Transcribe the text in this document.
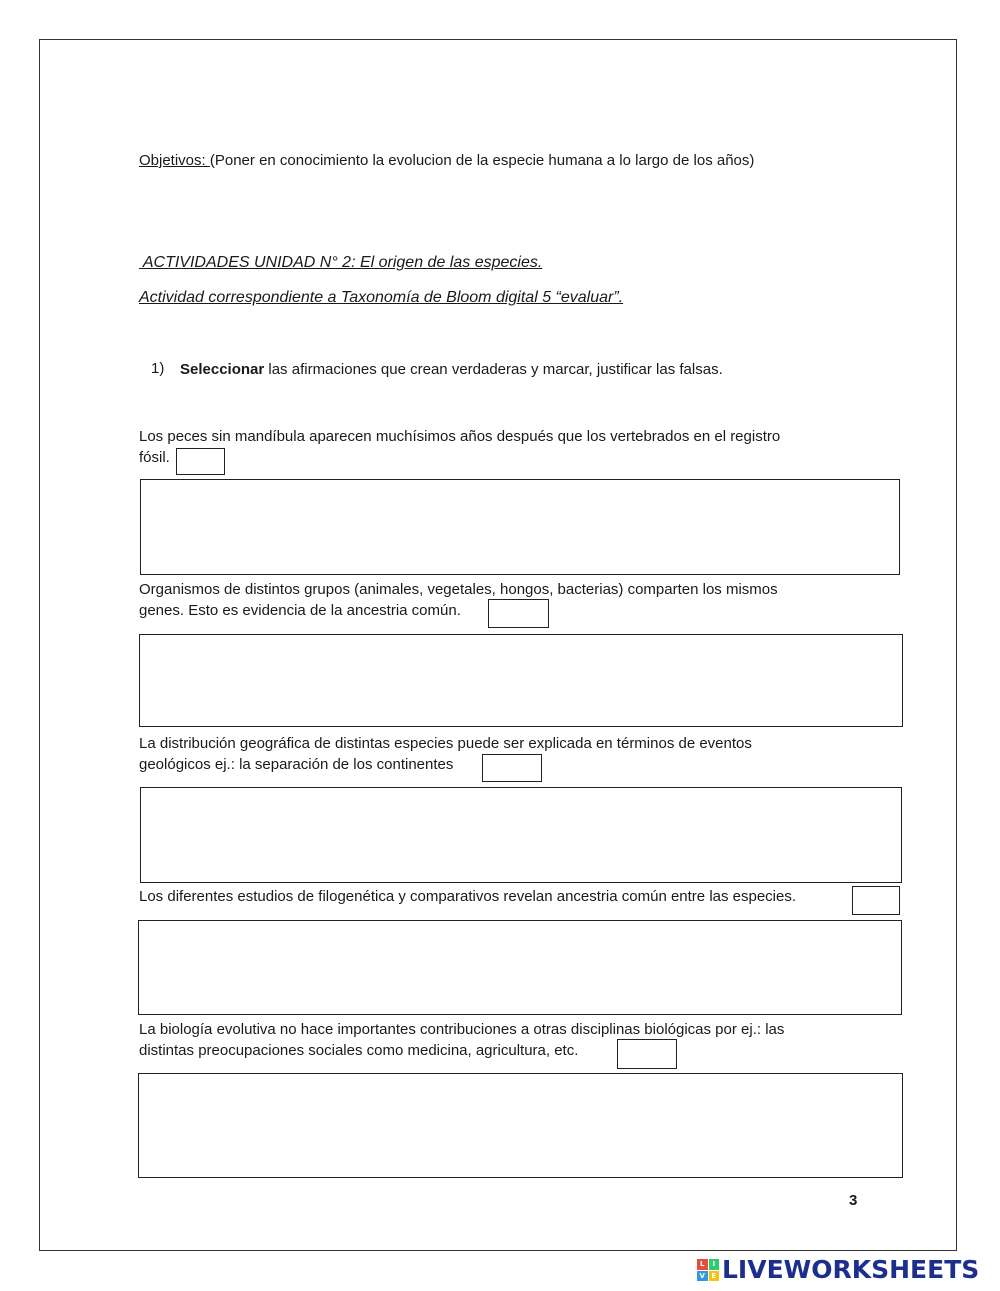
Objetivos: (Poner en conocimiento la evolucion de la especie humana a lo largo de los años)
ACTIVIDADES UNIDAD N° 2: El origen de las especies.
Actividad correspondiente a Taxonomía de Bloom digital 5 “evaluar”.
1) Seleccionar las afirmaciones que crean verdaderas y marcar, justificar las falsas.
Los peces sin mandíbula aparecen muchísimos años después que los vertebrados en el registro
fósil.
Organismos de distintos grupos (animales, vegetales, hongos, bacterias) comparten los mismos
genes. Esto es evidencia de la ancestria común.
La distribución geográfica de distintas especies puede ser explicada en términos de eventos
geológicos ej.: la separación de los continentes
Los diferentes estudios de filogenética y comparativos revelan ancestria común entre las especies.
La biología evolutiva no hace importantes contribuciones a otras disciplinas biológicas por ej.: las
distintas preocupaciones sociales como medicina, agricultura, etc.
3
L	I
V E LIVEWORKSHEETS
